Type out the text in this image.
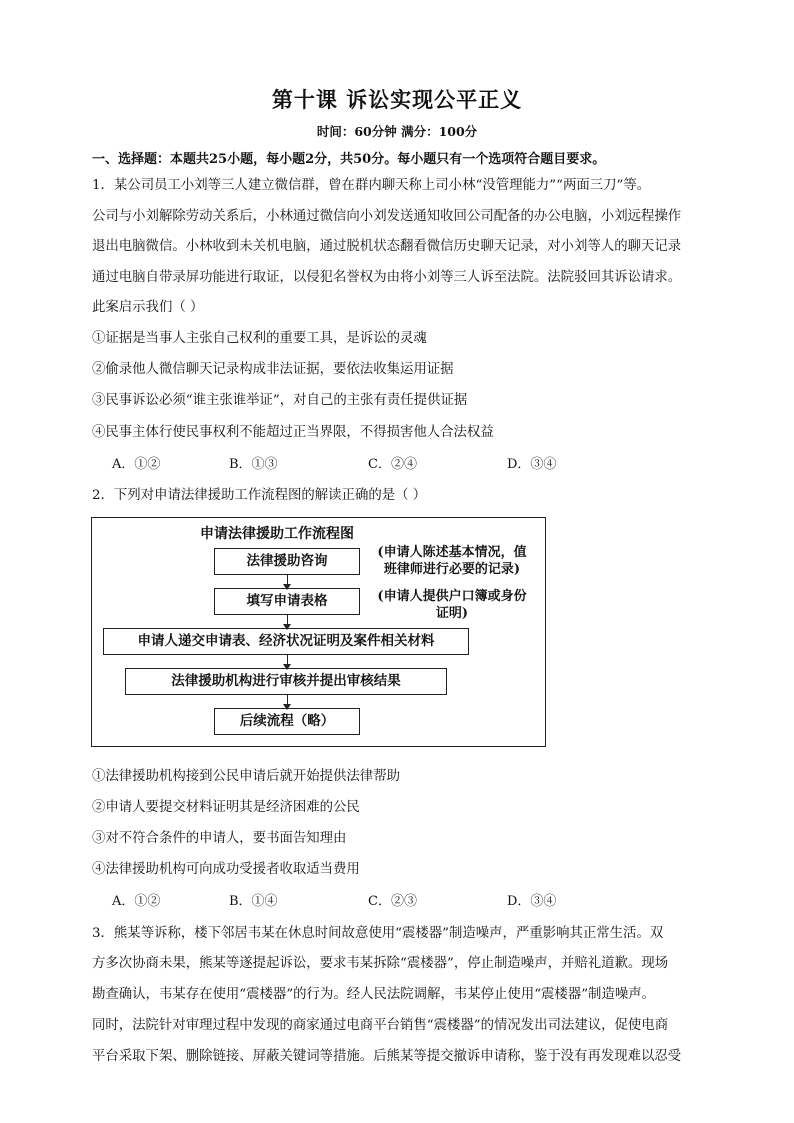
第十课 诉讼实现公平正义
时间：60分钟 满分：100分
一、选择题：本题共25小题，每小题2分，共50分。每小题只有一个选项符合题目要求。
1．某公司员工小刘等三人建立微信群，曾在群内聊天称上司小林“没管理能力”“两面三刀”等。
公司与小刘解除劳动关系后，小林通过微信向小刘发送通知收回公司配备的办公电脑，小刘远程操作
退出电脑微信。小林收到未关机电脑，通过脱机状态翻看微信历史聊天记录，对小刘等人的聊天记录
通过电脑自带录屏功能进行取证，以侵犯名誉权为由将小刘等三人诉至法院。法院驳回其诉讼请求。
此案启示我们（ ）
①证据是当事人主张自己权利的重要工具，是诉讼的灵魂
②偷录他人微信聊天记录构成非法证据，要依法收集运用证据
③民事诉讼必须“谁主张谁举证”，对自己的主张有责任提供证据
④民事主体行使民事权利不能超过正当界限，不得损害他人合法权益
A．①②	B．①③	C．②④	D．③④
2．下列对申请法律援助工作流程图的解读正确的是（ ）
申请法律援助工作流程图
法律援助咨询
填写申请表格
申请人递交申请表、经济状况证明及案件相关材料
法律援助机构进行审核并提出审核结果
后续流程（略）
(申请人陈述基本情况，值
班律师进行必要的记录)
(申请人提供户口簿或身份
证明)
①法律援助机构接到公民申请后就开始提供法律帮助
②申请人要提交材料证明其是经济困难的公民
③对不符合条件的申请人，要书面告知理由
④法律援助机构可向成功受援者收取适当费用
A．①②	B．①④	C．②③	D．③④
3．熊某等诉称，楼下邻居韦某在休息时间故意使用“震楼器”制造噪声，严重影响其正常生活。双
方多次协商未果，熊某等遂提起诉讼，要求韦某拆除“震楼器”，停止制造噪声，并赔礼道歉。现场
勘查确认，韦某存在使用“震楼器”的行为。经人民法院调解，韦某停止使用“震楼器”制造噪声。
同时，法院针对审理过程中发现的商家通过电商平台销售“震楼器”的情况发出司法建议，促使电商
平台采取下架、删除链接、屏蔽关键词等措施。后熊某等提交撤诉申请称，鉴于没有再发现难以忍受
